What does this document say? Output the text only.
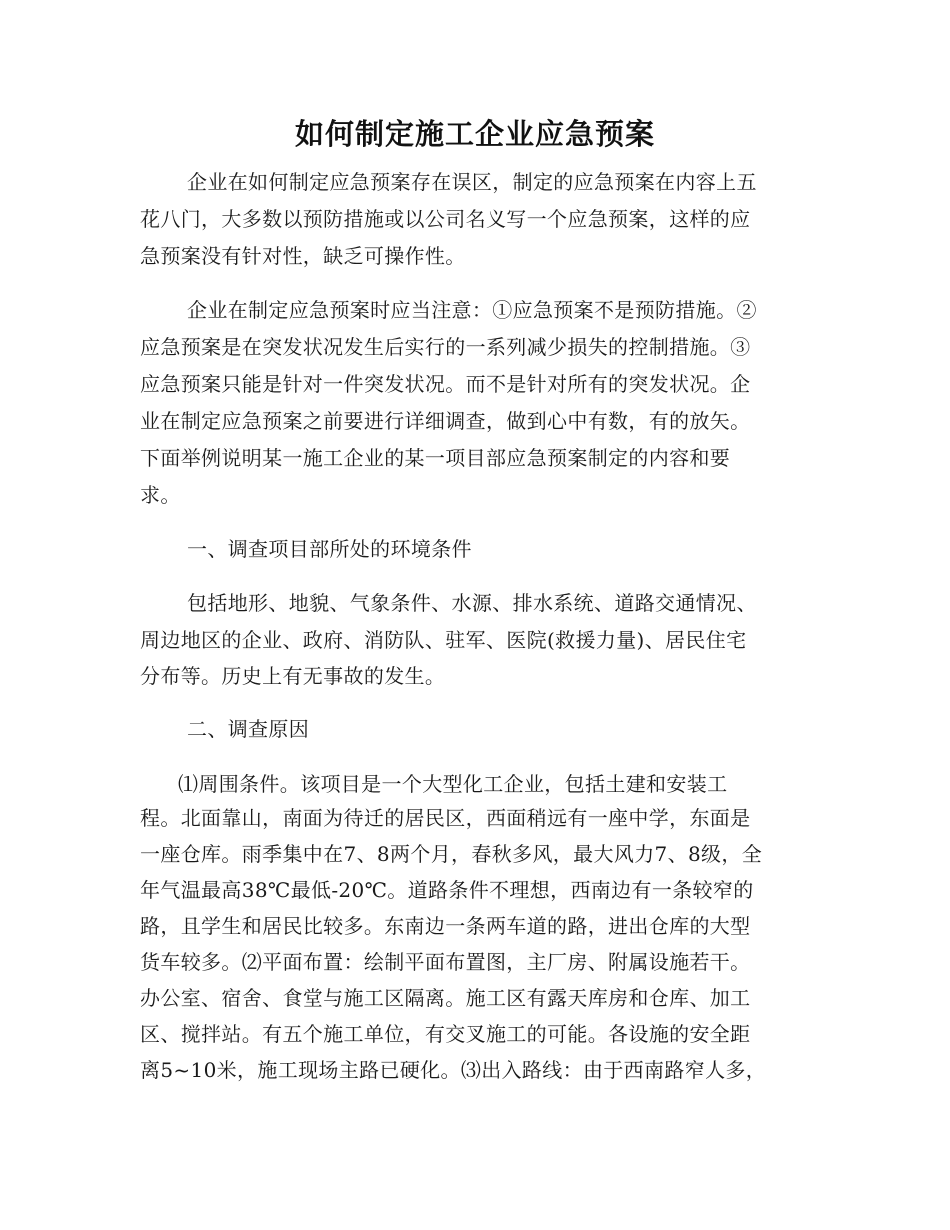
如何制定施工企业应急预案
企业在如何制定应急预案存在误区，制定的应急预案在内容上五
花八门，大多数以预防措施或以公司名义写一个应急预案，这样的应
急预案没有针对性，缺乏可操作性。
企业在制定应急预案时应当注意：①应急预案不是预防措施。②
应急预案是在突发状况发生后实行的一系列减少损失的控制措施。③
应急预案只能是针对一件突发状况。而不是针对所有的突发状况。企
业在制定应急预案之前要进行详细调查，做到心中有数，有的放矢。
下面举例说明某一施工企业的某一项目部应急预案制定的内容和要
求。
一、调查项目部所处的环境条件
包括地形、地貌、气象条件、水源、排水系统、道路交通情况、
周边地区的企业、政府、消防队、驻军、医院(救援力量)、居民住宅
分布等。历史上有无事故的发生。
二、调查原因
⑴周围条件。该项目是一个大型化工企业，包括土建和安装工
程。北面靠山，南面为待迁的居民区，西面稍远有一座中学，东面是
一座仓库。雨季集中在7、8两个月，春秋多风，最大风力7、8级，全
年气温最高38℃最低-20℃。道路条件不理想，西南边有一条较窄的
路，且学生和居民比较多。东南边一条两车道的路，进出仓库的大型
货车较多。⑵平面布置：绘制平面布置图，主厂房、附属设施若干。
办公室、宿舍、食堂与施工区隔离。施工区有露天库房和仓库、加工
区、搅拌站。有五个施工单位，有交叉施工的可能。各设施的安全距
离5~10米，施工现场主路已硬化。⑶出入路线：由于西南路窄人多，
